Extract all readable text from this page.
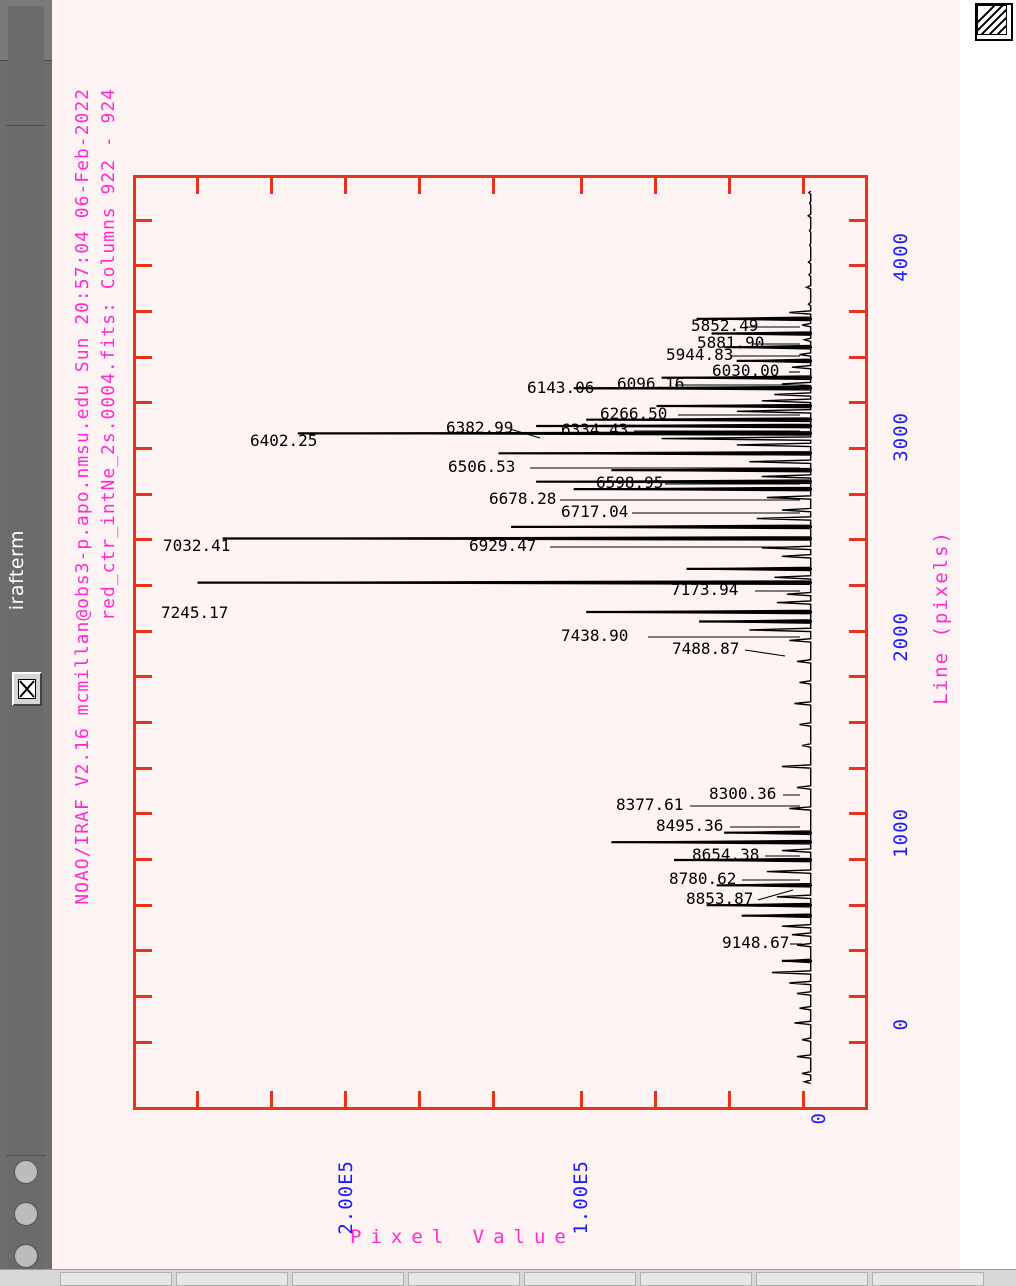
irafterm	NOAO/IRAF V2.16 mcmillan@obs3-p.apo.nmsu.edu Sun 20:57:04 06-Feb-2022 red_ctr_intNe_2s.0004.fits: Columns 922 - 924	Line (pixels)
Pixel Value
4000
3000
2000
1000
0
2.00E5	1.00E5
0
5852.49
5881.90
5944.83
6030.00
6096.16
6143.06
6266.50
6334.43
6382.99
6402.25
6506.53
6598.95
6678.28
6717.04
6929.47
7032.41
7173.94
7245.17
7438.90
7488.87
8300.36
8377.61
8495.36
8654.38
8780.62
8853.87
9148.67
